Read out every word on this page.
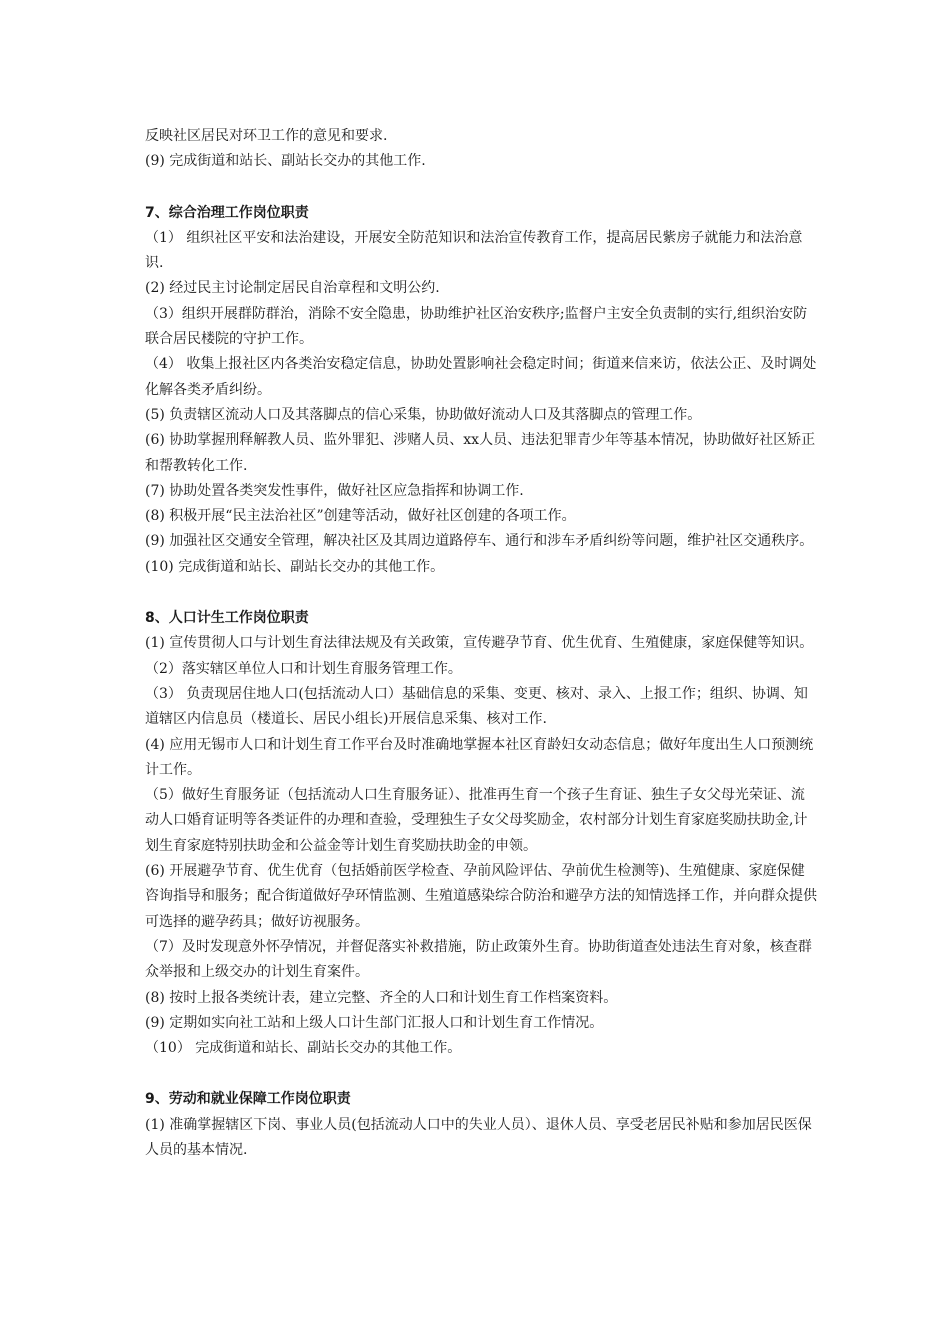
反映社区居民对环卫工作的意见和要求.

(9) 完成街道和站长、副站长交办的其他工作.

7、综合治理工作岗位职责

（1） 组织社区平安和法治建设，开展安全防范知识和法治宣传教育工作，提高居民紫房子就能力和法治意识.

(2) 经过民主讨论制定居民自治章程和文明公约.

（3）组织开展群防群治，消除不安全隐患，协助维护社区治安秩序;监督户主安全负责制的实行,组织治安防联合居民楼院的守护工作。

（4） 收集上报社区内各类治安稳定信息，协助处置影响社会稳定时间；街道来信来访，依法公正、及时调处化解各类矛盾纠纷。

(5) 负责辖区流动人口及其落脚点的信心采集，协助做好流动人口及其落脚点的管理工作。

(6) 协助掌握刑释解教人员、监外罪犯、涉赌人员、xx人员、违法犯罪青少年等基本情况，协助做好社区矫正和帮教转化工作.

(7) 协助处置各类突发性事件，做好社区应急指挥和协调工作.

(8) 积极开展“民主法治社区”创建等活动，做好社区创建的各项工作。

(9) 加强社区交通安全管理，解决社区及其周边道路停车、通行和涉车矛盾纠纷等问题，维护社区交通秩序。

(10) 完成街道和站长、副站长交办的其他工作。

8、人口计生工作岗位职责

(1) 宣传贯彻人口与计划生育法律法规及有关政策，宣传避孕节育、优生优育、生殖健康，家庭保健等知识。

（2）落实辖区单位人口和计划生育服务管理工作。

（3） 负责现居住地人口(包括流动人口）基础信息的采集、变更、核对、录入、上报工作；组织、协调、知道辖区内信息员（楼道长、居民小组长)开展信息采集、核对工作.

(4) 应用无锡市人口和计划生育工作平台及时准确地掌握本社区育龄妇女动态信息；做好年度出生人口预测统计工作。

（5）做好生育服务证（包括流动人口生育服务证）、批准再生育一个孩子生育证、独生子女父母光荣证、流动人口婚育证明等各类证件的办理和查验，受理独生子女父母奖励金，农村部分计划生育家庭奖励扶助金,计划生育家庭特别扶助金和公益金等计划生育奖励扶助金的申领。

(6) 开展避孕节育、优生优育（包括婚前医学检查、孕前风险评估、孕前优生检测等)、生殖健康、家庭保健咨询指导和服务；配合街道做好孕环情监测、生殖道感染综合防治和避孕方法的知情选择工作，并向群众提供可选择的避孕药具；做好访视服务。

（7）及时发现意外怀孕情况，并督促落实补救措施，防止政策外生育。协助街道查处违法生育对象，核查群众举报和上级交办的计划生育案件。

(8) 按时上报各类统计表，建立完整、齐全的人口和计划生育工作档案资料。

(9) 定期如实向社工站和上级人口计生部门汇报人口和计划生育工作情况。

（10） 完成街道和站长、副站长交办的其他工作。

9、劳动和就业保障工作岗位职责

(1) 准确掌握辖区下岗、事业人员(包括流动人口中的失业人员）、退休人员、享受老居民补贴和参加居民医保人员的基本情况.
